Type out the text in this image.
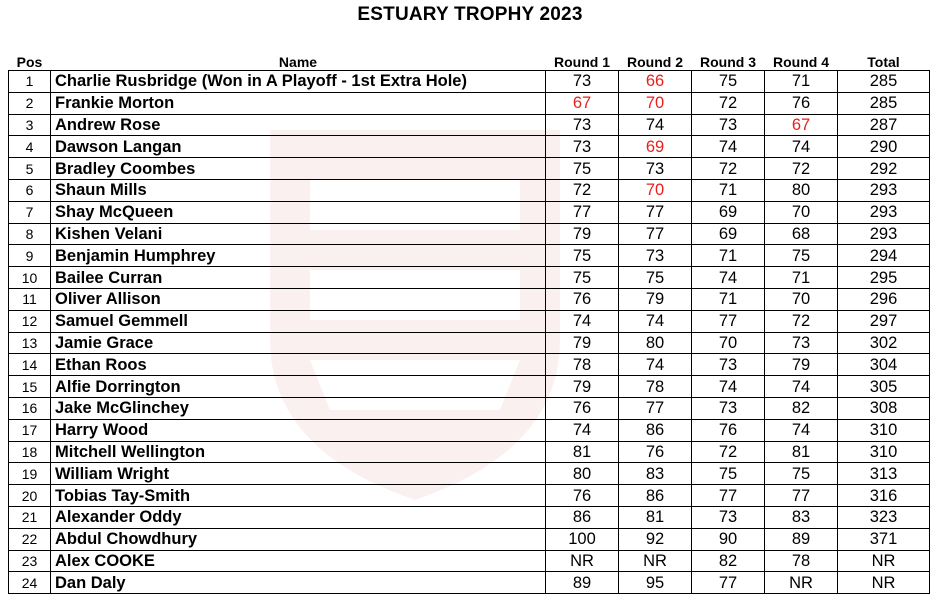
ESTUARY TROPHY 2023
Pos	Name	Round 1	Round 2	Round 3	Round 4	Total
1	Charlie Rusbridge (Won in A Playoff - 1st Extra Hole)	73	66	75	71	285
2	Frankie Morton	67	70	72	76	285
3	Andrew Rose	73	74	73	67	287
4	Dawson Langan	73	69	74	74	290
5	Bradley Coombes	75	73	72	72	292
6	Shaun Mills	72	70	71	80	293
7	Shay McQueen	77	77	69	70	293
8	Kishen Velani	79	77	69	68	293
9	Benjamin Humphrey	75	73	71	75	294
10	Bailee Curran	75	75	74	71	295
11	Oliver Allison	76	79	71	70	296
12	Samuel Gemmell	74	74	77	72	297
13	Jamie Grace	79	80	70	73	302
14	Ethan Roos	78	74	73	79	304
15	Alfie Dorrington	79	78	74	74	305
16	Jake McGlinchey	76	77	73	82	308
17	Harry Wood	74	86	76	74	310
18	Mitchell Wellington	81	76	72	81	310
19	William Wright	80	83	75	75	313
20	Tobias Tay-Smith	76	86	77	77	316
21	Alexander Oddy	86	81	73	83	323
22	Abdul Chowdhury	100	92	90	89	371
23	Alex COOKE	NR	NR	82	78	NR
24	Dan Daly	89	95	77	NR	NR
